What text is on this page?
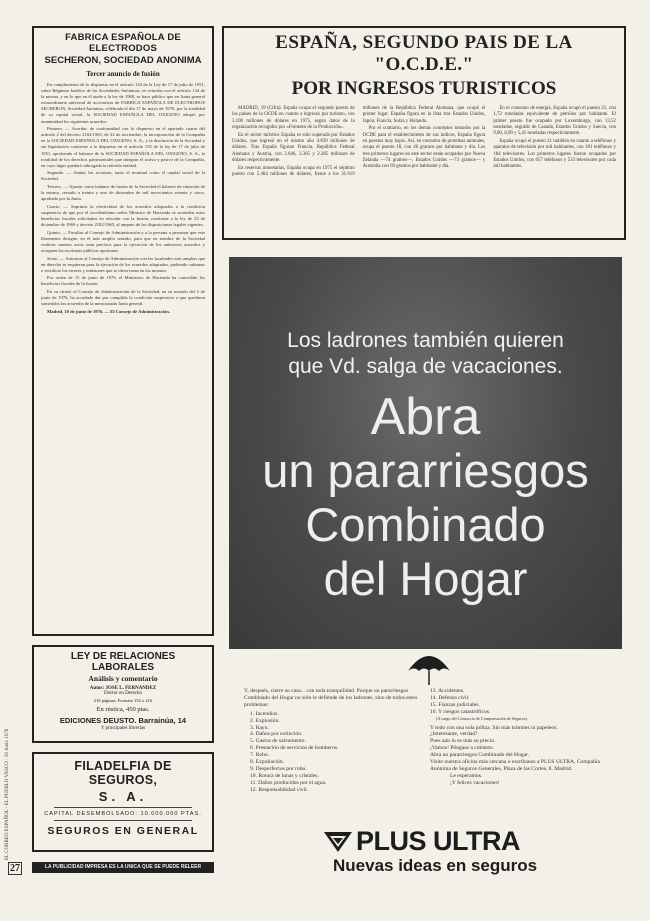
EL CORREO ESPAÑOL - EL PUEBLO VASCO · 20 Junio 1976
FABRICA ESPAÑOLA DE ELECTRODOS
SECHERON, SOCIEDAD ANONIMA
Tercer anuncio de fusión

En cumplimiento de lo dispuesto en el artículo 143 de la Ley de 17 de julio de 1951, sobre Régimen Jurídico de las Sociedades Anónimas, en relación con el artículo 134 de la misma, y en lo que en él atañe a la ley de 1968, se hace público que en Junta general extraordinaria universal de accionistas de FABRICA ESPAÑOLA DE ELECTRODOS SECHERON, Sociedad Anónima, celebrada el día 17 de mayo de 1976, por la totalidad de su capital social, la SOCIEDAD ESPAÑOLA DEL OXIGENO adoptó por unanimidad los siguientes acuerdos:

Primero. — Acordar, de conformidad con lo dispuesto en el apartado cuarto del artículo 2 del decreto 2182/1965, de 22 de noviembre, la incorporación de la Compañía en la SOCIEDAD ESPAÑOLA DEL OXIGENO, S. A., y la disolución de la Sociedad y sin liquidación conforme a lo dispuesto en el artículo 155 de la ley de 17 de julio de 1951, aprobando el balance de la SOCIEDAD ESPAÑOLA DEL OXIGENO, S. A., la totalidad de los derechos patrimoniales que integran el activo y pasivo de la Compañía, en cuyo lugar quedará subrogada la referida entidad.

Segundo. — Anular las acciones, tanto el nominal como el capital social de la Sociedad.

Tercero. — Ajustar como balance de fusión de la Sociedad el balance de situación de la misma, cerrado a treinta y uno de diciembre de mil novecientos setenta y cinco, aprobado por la Junta.

Cuarto. — Suprimir la efectividad de los acuerdos adoptados a la condición suspensiva de que por el excelentísimo señor Ministro de Hacienda se acuerden estos beneficios fiscales solicitados en relación con la fusión, conforme a la ley de 23 de diciembre de 1969 y decreto 2182/1965, al amparo de las disposiciones legales vigentes.

Quinto. — Facultar al Consejo de Administración y a la persona o personas que este libremente designe, en el más amplio sentido, para que en nombre de la Sociedad realicen cuantos actos sean precisos para la ejecución de los anteriores acuerdos y otorguen las escrituras públicas oportunas.

Sexto. — Autorizar al Consejo de Administración con las facultades más amplias que en derecho se requieran para la ejecución de los acuerdos adoptados, pudiendo subsanar o rectificar los errores y omisiones que se observaran en los mismos.

Por orden de 15 de junio de 1976, el Ministerio de Hacienda ha concedido los beneficios fiscales de la fusión.

En su virtud, el Consejo de Administración de la Sociedad, en su reunión del 2 de junio de 1976, ha acordado dar por cumplida la condición suspensiva a que quedaron sometidos los acuerdos de la mencionada Junta general.

Madrid, 18 de junio de 1976. — El Consejo de Administración.

LEY DE RELACIONES LABORALES
Análisis y comentario
Autor: JOSE L. FERNANDEZ
Doctor en Derecho
216 páginas. Formato 152 x 216
En rústica, 450 ptas.
EDICIONES DEUSTO. Barrainúa, 14
Y principales librerías
FILADELFIA DE SEGUROS,
S. A.
CAPITAL DESEMBOLSADO: 10.000.000 PTAS.
SEGUROS EN GENERAL
27	LA PUBLICIDAD IMPRESA ES LA UNICA QUE SE PUEDE RELEER
ESPAÑA, SEGUNDO PAIS DE LA "O.C.D.E."
POR INGRESOS TURISTICOS

MADRID, 19 (Cifra). España ocupa el segundo puesto de los países de la OCDE en cuanto a ingresos por turismo, con 3.100 millones de dólares en 1975, según datos de la organización recogidos por «Fomento de la Producción».

En el sector turístico España es sólo superada por Estados Unidos, que ingresó en el mismo año 4.839 millones de dólares. Tras España figuran Francia, República Federal Alemana y Austria, con 2.646, 2.305 y 2.285 millones de dólares respectivamente.

En reservas monetarias, España ocupa en 1975 el séptimo puesto con 5.464 millones de dólares, frente a los 31.619 millones de la República Federal Alemana, que ocupó el primer lugar. España figura en la lista tras Estados Unidos, Japón, Francia, Suiza y Holanda.

Por el contrario, en los demás conceptos tomados por la OCDE para el establecimiento de sus índices, España figura en puestos muy bajos. Así, en consumo de proteínas animales, ocupa el puesto 18, con 46 gramos por habitante y día. Los tres primeros lugares en este sector están ocupados por Nueva Zelanda —74 gramos—, Estados Unidos —73 gramos— y Australia con 69 gramos por habitante y día.

En el consumo de energía, España ocupó el puesto 21, con 1,72 toneladas equivalente de petróleo por habitante. El primer puesto fue ocupado por Luxemburgo, con 13,52 toneladas, seguido de Canadá, Estados Unidos y Suecia, con 9,80, 8,99 y 5,45 toneladas respectivamente.

España ocupó el puesto 21 también en cuanto a teléfonos y aparatos de televisión por mil habitantes, con 181 teléfonos y 184 televisores. Los primeros lugares fueron ocupados por Estados Unidos, con 657 teléfonos y 533 televisores por cada mil habitantes.

Los ladrones también quieren
que Vd. salga de vacaciones.
Abra
un pararriesgos
Combinado
del Hogar
Y, después, cierre su casa... con toda tranquilidad. Porque un pararriesgos Combinado del Hogar no sólo le defiende de los ladrones, sino de todos estos problemas:
1. Incendios.
2. Explosión.
3. Rayo.
4. Daños por extinción.
5. Gastos de salvamento.
6. Prestación de servicios de bomberos.
7. Robo.
8. Expoliación.
9. Desperfectos por robo.
10. Rotura de lunas y cristales.
11. Daños producidos por el agua.
12. Responsabilidad civil.
13. Accidentes.
14. Defensa civil.
15. Fianzas judiciales.
16. Y riesgos catastróficos.
(A cargo del Consorcio de Compensación de Seguros).
Y todo con una sola póliza. Sin más trámites ni papeleos.
¿Interesante, verdad?
Pues aún lo es más su precio.
¡Vamos! Póngase a cubierto.
Abra un pararriesgos Combinado del Hogar.
Visite nuestra oficina más cercana o escríbanos a PLUS ULTRA, Compañía Anónima de Seguros Generales, Plaza de las Cortes, 8. Madrid.
Le esperamos.
¡Y felices vacaciones!
PLUS ULTRA
Nuevas ideas en seguros
